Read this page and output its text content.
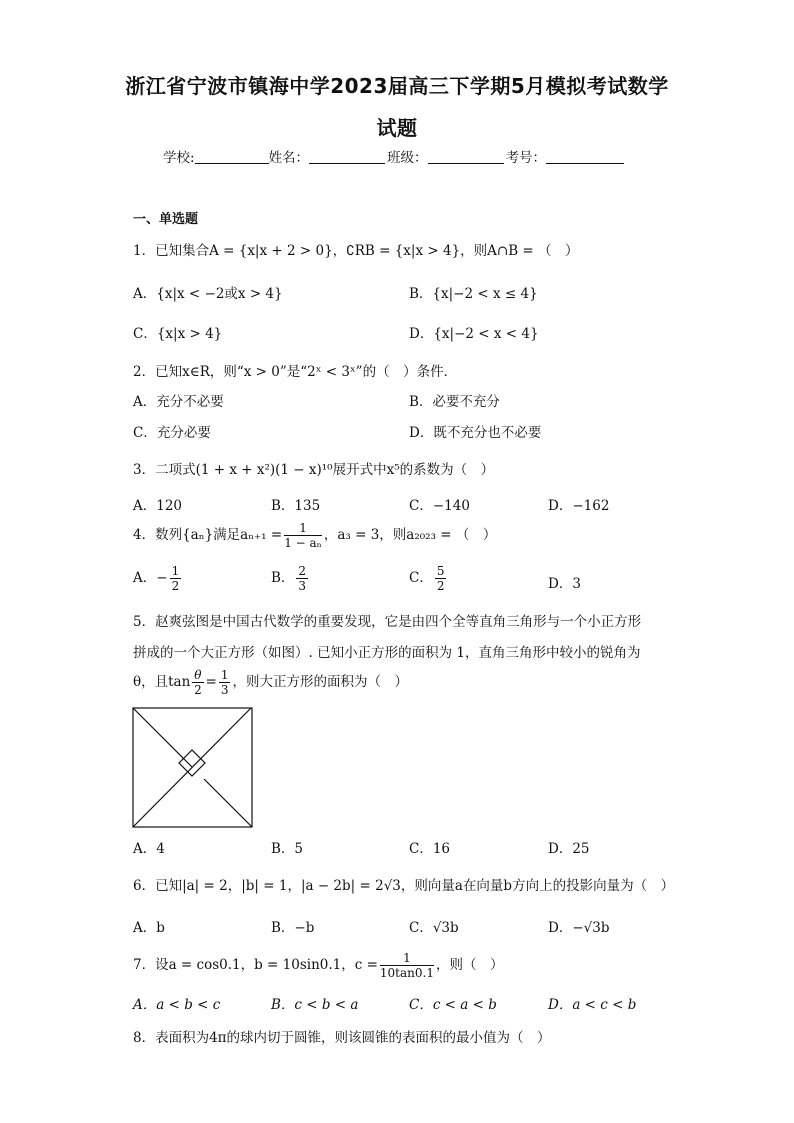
浙江省宁波市镇海中学2023届高三下学期5月模拟考试数学
试题
学校:	姓名：	班级：	考号：
一、单选题
1．已知集合A = {x|x + 2 > 0}，∁RB = {x|x > 4}，则A∩B = （　）
A．{x|x < −2或x > 4}	B．{x|−2 < x ≤ 4}
C．{x|x > 4}	D．{x|−2 < x < 4}
2．已知x∈R，则“x > 0”是“2ˣ < 3ˣ”的（　）条件．
A．充分不必要	B．必要不充分
C．充分必要	D．既不充分也不必要
3．二项式(1 + x + x²)(1 − x)¹⁰展开式中x⁵的系数为（　）
A．120	B．135	C．−140	D．−162
4．数列{aₙ}满足$a_{n+1} = \frac{1}{\text{1 − aₙ}}$ ，a₃ = 3，则a₂₀₂₃ = （　）
A．− $\frac{1}{2}$	B． $\frac{2}{3}$	C． $\frac{5}{2}$	D．3
5．赵爽弦图是中国古代数学的重要发现，它是由四个全等直角三角形与一个小正方形
拼成的一个大正方形（如图）. 已知小正方形的面积为 1，直角三角形中较小的锐角为
θ，且$\tan \frac{\theta}{2} = \frac{1}{3}$ ，则大正方形的面积为（　）
A．4	B．5	C．16	D．25
6．已知|a| = 2，|b| = 1，|a − 2b| = 2√3，则向量a在向量b方向上的投影向量为（　）
A．b	B．−b	C．√3b	D．−√3b
7．设a = cos0.1，b = 10sin0.1，$c = \frac{1}{10\tan 0.1}$ ，则（　）
A．a < b < c	B．c < b < a	C．c < a < b	D．a < c < b
8．表面积为4π的球内切于圆锥，则该圆锥的表面积的最小值为（　）
